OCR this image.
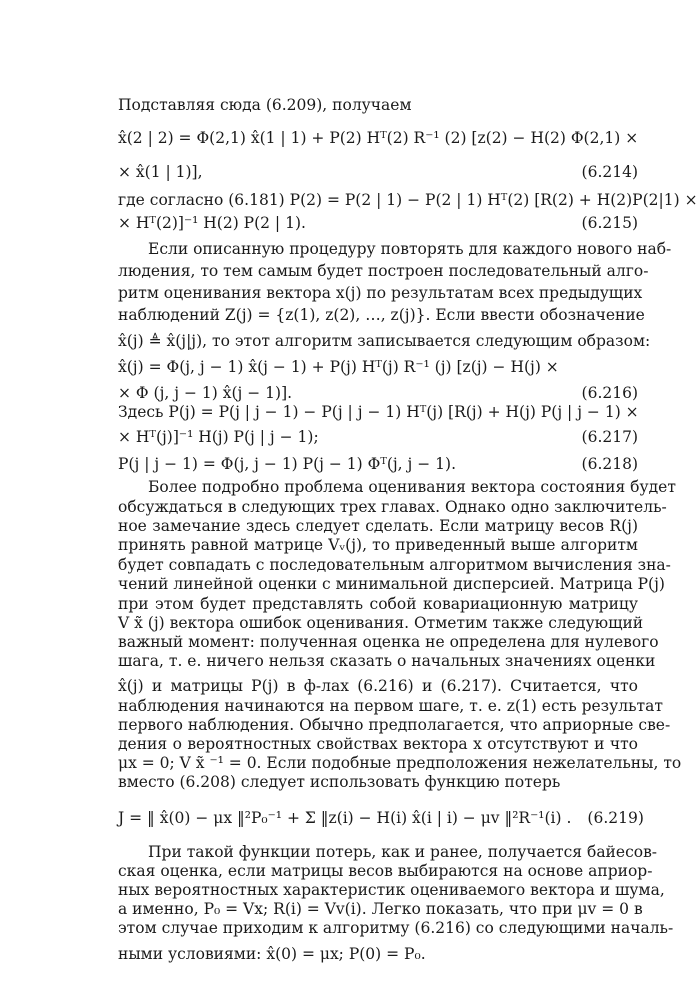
Подставляя сюда (6.209), получаем
x̂(2 | 2) = Φ(2,1) x̂(1 | 1) + P(2) Hᵀ(2) R⁻¹ (2) [z(2) − H(2) Φ(2,1) ×
× x̂(1 | 1)],	(6.214)
где согласно (6.181) P(2) = P(2 | 1) − P(2 | 1) Hᵀ(2) [R(2) + H(2)P(2|1) ×
× Hᵀ(2)]⁻¹ H(2) P(2 | 1).	(6.215)
Если описанную процедуру повторять для каждого нового наб-
людения, то тем самым будет построен последовательный алго-
ритм оценивания вектора x(j) по результатам всех предыдущих
наблюдений Z(j) = {z(1), z(2), …, z(j)}. Если ввести обозначение
x̂(j) ≜ x̂(j|j), то этот алгоритм записывается следующим образом:
x̂(j) = Φ(j, j − 1) x̂(j − 1) + P(j) Hᵀ(j) R⁻¹ (j) [z(j) − H(j) ×
× Φ (j, j − 1) x̂(j − 1)].	(6.216)
Здесь P(j) = P(j | j − 1) − P(j | j − 1) Hᵀ(j) [R(j) + H(j) P(j | j − 1) ×
× Hᵀ(j)]⁻¹ H(j) P(j | j − 1);	(6.217)
P(j | j − 1) = Φ(j, j − 1) P(j − 1) Φᵀ(j, j − 1).	(6.218)
Более подробно проблема оценивания вектора состояния будет
обсуждаться в следующих трех главах. Однако одно заключитель-
ное замечание здесь следует сделать. Если матрицу весов R(j)
принять равной матрице Vᵥ(j), то приведенный выше алгоритм
будет совпадать с последовательным алгоритмом вычисления зна-
чений линейной оценки с минимальной дисперсией. Матрица P(j)
при этом будет представлять собой ковариационную матрицу
V x̃ (j) вектора ошибок оценивания. Отметим также следующий
важный момент: полученная оценка не определена для нулевого
шага, т. е. ничего нельзя сказать о начальных значениях оценки
x̂(j) и матрицы P(j) в ф-лах (6.216) и (6.217). Считается, что
наблюдения начинаются на первом шаге, т. е. z(1) есть результат
первого наблюдения. Обычно предполагается, что априорные све-
дения о вероятностных свойствах вектора x отсутствуют и что
μx = 0; V x̃ ⁻¹ = 0. Если подобные предположения нежелательны, то
вместо (6.208) следует использовать функцию потерь
J = ‖ x̂(0) − μx ‖²P₀⁻¹ + Σ ‖z(i) − H(i) x̂(i | i) − μv ‖²R⁻¹(i) . (6.219)
При такой функции потерь, как и ранее, получается байесов-
ская оценка, если матрицы весов выбираются на основе априор-
ных вероятностных характеристик оцениваемого вектора и шума,
а именно, P₀ = Vx; R(i) = Vv(i). Легко показать, что при μv = 0 в
этом случае приходим к алгоритму (6.216) со следующими началь-
ными условиями: x̂(0) = μx; P(0) = P₀.
